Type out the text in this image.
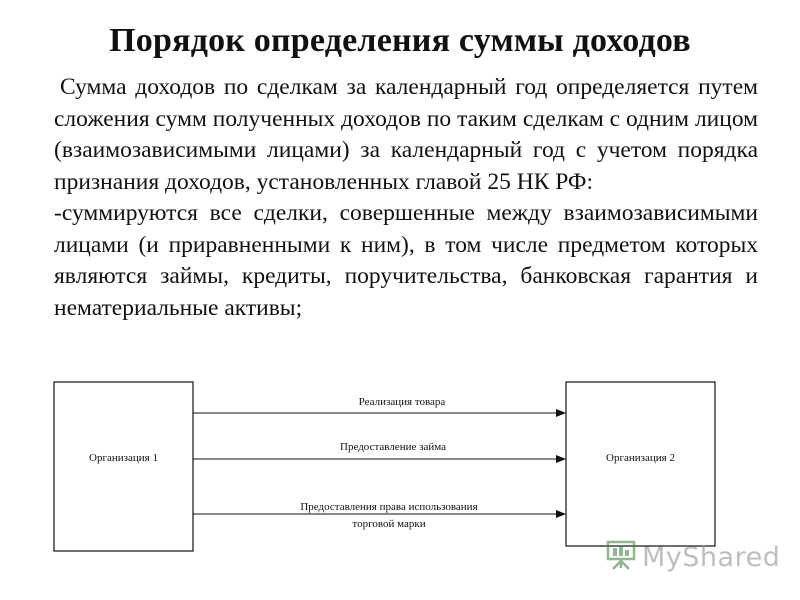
Порядок определения суммы доходов

Сумма доходов по сделкам за календарный год определяется путем сложения сумм полученных доходов по таким сделкам с одним лицом (взаимозависимыми лицами) за календарный год с учетом порядка признания доходов, установленных главой 25 НК РФ:

-суммируются все сделки, совершенные между взаимозависимыми лицами (и приравненными к ним), в том числе предметом которых являются займы, кредиты, поручительства, банковская гарантия и нематериальные активы;

Организация 1	Организация 2
Реализация товара
Предоставление займа
Предоставления права использования
торговой марки
MyShared
